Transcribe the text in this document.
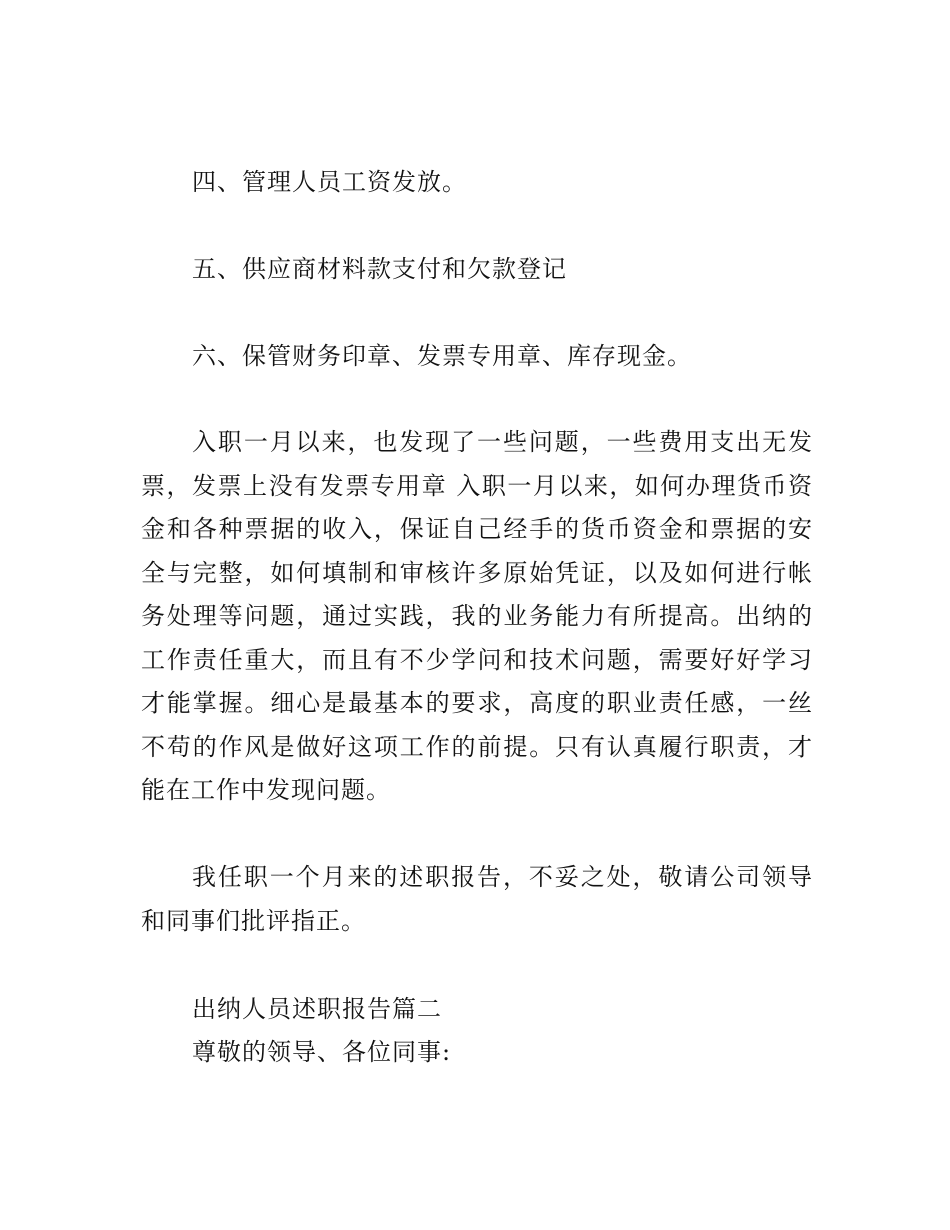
四、管理人员工资发放。
五、供应商材料款支付和欠款登记
六、保管财务印章、发票专用章、库存现金。
入职一月以来，也发现了一些问题，一些费用支出无发票，发票上没有发票专用章 入职一月以来，如何办理货币资金和各种票据的收入，保证自己经手的货币资金和票据的安全与完整，如何填制和审核许多原始凭证，以及如何进行帐务处理等问题，通过实践，我的业务能力有所提高。出纳的工作责任重大，而且有不少学问和技术问题，需要好好学习才能掌握。细心是最基本的要求，高度的职业责任感，一丝不苟的作风是做好这项工作的前提。只有认真履行职责，才能在工作中发现问题。
我任职一个月来的述职报告，不妥之处，敬请公司领导和同事们批评指正。
出纳人员述职报告篇二
尊敬的领导、各位同事:
